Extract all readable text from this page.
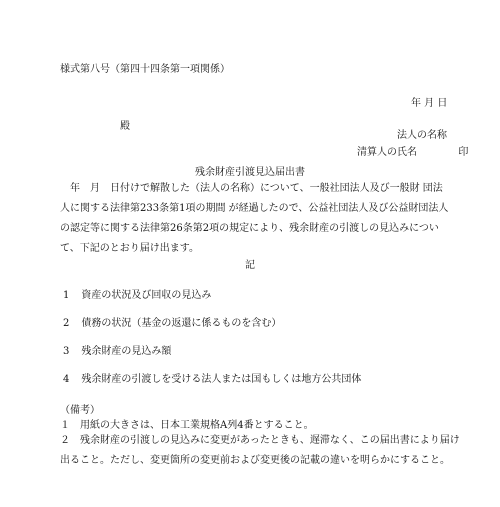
様式第八号（第四十四条第一項関係）
年 月 日
殿
法人の名称
清算人の氏名	印
残余財産引渡見込届出書
　年　月　日付けで解散した（法人の名称）について、一般社団法人及び一般財 団法人に関する法律第233条第1項の期間 が経過したので、公益社団法人及び公益財団法人の認定等に関する法律第26条第2項の規定により、残余財産の引渡しの見込みについて、下記のとおり届け出ます。
記
1 資産の状況及び回収の見込み
2 債務の状況（基金の返還に係るものを含む）
3 残余財産の見込み額
4 残余財産の引渡しを受ける法人または国もしくは地方公共団体
（備考）
１　用紙の大きさは、日本工業規格A列4番とすること。
２　残余財産の引渡しの見込みに変更があったときも、遅滞なく、この届出書により届け出ること。ただし、変更箇所の変更前および変更後の記載の違いを明らかにすること。
